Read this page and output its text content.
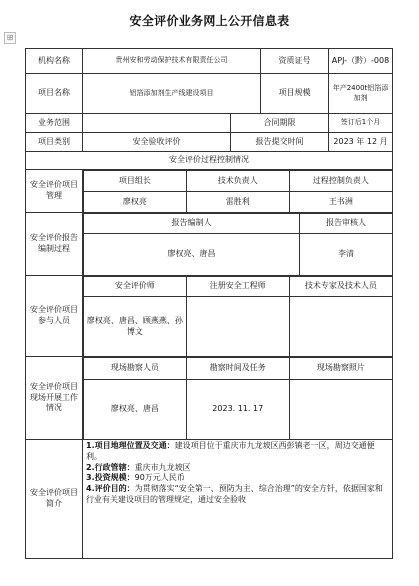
安全评价业务网上公开信息表
⊞
机构名称	贵州安和劳动保护技术有限责任公司	资质证号	APJ-（黔）-008
项目名称	铝箔添加剂生产线建设项目	项目规模	年产2400t铝箔添加剂
业务范围		合同期限	签订后1个月
项目类别	安全验收评价	报告提交时间	2023 年 12 月
安全评价过程控制情况
安全评价项目管理	
项目组长	技术负责人	过程控制负责人
廖权亮	雷胜利	王书洲

安全评价报告编制过程	
报告编制人	报告审核人
廖权亮、唐昌	李清

安全评价项目参与人员	
安全评价师	注册安全工程师	技术专家及技术人员
廖权亮、唐昌、顾燕燕、孙博文		

安全评价项目现场开展工作情况	
现场勘察人员	勘察时间及任务	现场勘察照片
廖权亮、唐昌	2023. 11. 17	

安全评价项目简介	

1.项目地理位置及交通：建设项目位于重庆市九龙坡区西彭镇老一区，周边交通便利。

2.行政管辖：重庆市九龙坡区

3.投资规模：90万元人民币

4.评价目的：为贯彻落实“安全第一、预防为主、综合治理”的安全方针，依据国家和行业有关建设项目的管理规定，通过安全验收
